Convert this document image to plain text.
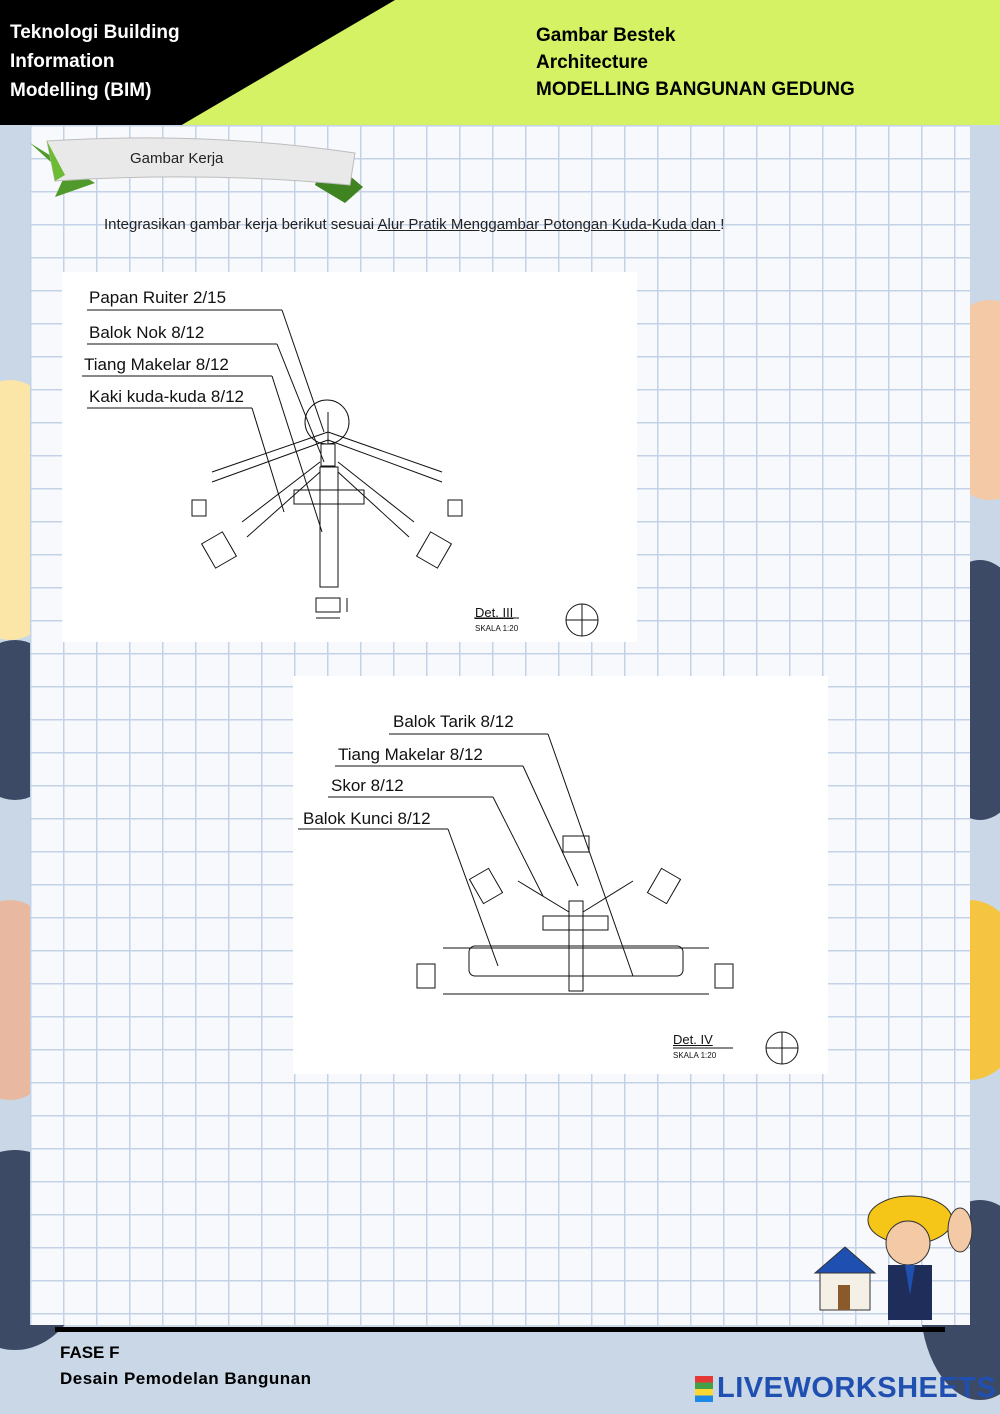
Teknologi Building
Information
Modelling (BIM)
Gambar Bestek
Architecture
MODELLING BANGUNAN GEDUNG
Gambar Kerja
Integrasikan gambar kerja berikut sesuai Alur Pratik Menggambar Potongan Kuda-Kuda dan !
Papan Ruiter 2/15
Balok Nok 8/12
Tiang Makelar 8/12
Kaki kuda-kuda 8/12
Det. III
SKALA 1:20
Balok Tarik 8/12
Tiang Makelar 8/12
Skor 8/12
Balok Kunci 8/12
Det. IV
SKALA 1:20
FASE F
Desain Pemodelan Bangunan	LIVEWORKSHEETS
